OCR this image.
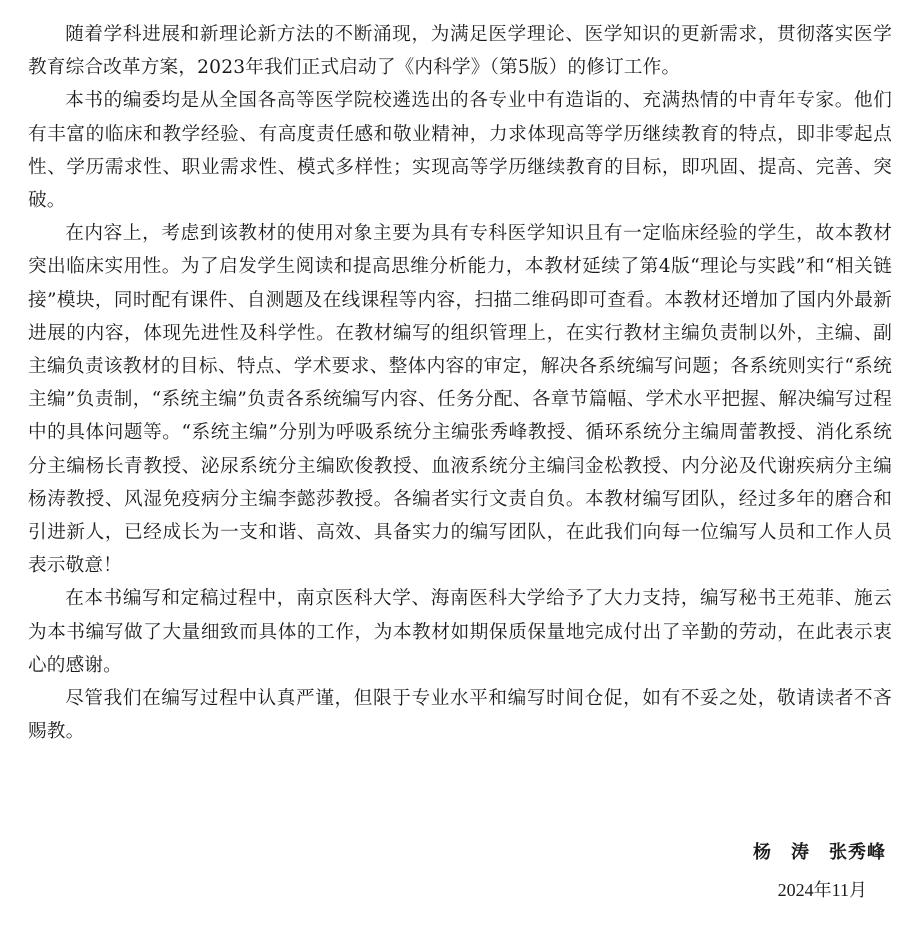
随着学科进展和新理论新方法的不断涌现，为满足医学理论、医学知识的更新需求，贯彻落实医学教育综合改革方案，2023年我们正式启动了《内科学》（第5版）的修订工作。

本书的编委均是从全国各高等医学院校遴选出的各专业中有造诣的、充满热情的中青年专家。他们有丰富的临床和教学经验、有高度责任感和敬业精神，力求体现高等学历继续教育的特点，即非零起点性、学历需求性、职业需求性、模式多样性；实现高等学历继续教育的目标，即巩固、提高、完善、突破。

在内容上，考虑到该教材的使用对象主要为具有专科医学知识且有一定临床经验的学生，故本教材突出临床实用性。为了启发学生阅读和提高思维分析能力，本教材延续了第4版“理论与实践”和“相关链接”模块，同时配有课件、自测题及在线课程等内容，扫描二维码即可查看。本教材还增加了国内外最新进展的内容，体现先进性及科学性。在教材编写的组织管理上，在实行教材主编负责制以外，主编、副主编负责该教材的目标、特点、学术要求、整体内容的审定，解决各系统编写问题；各系统则实行“系统主编”负责制，“系统主编”负责各系统编写内容、任务分配、各章节篇幅、学术水平把握、解决编写过程中的具体问题等。“系统主编”分别为呼吸系统分主编张秀峰教授、循环系统分主编周蕾教授、消化系统分主编杨长青教授、泌尿系统分主编欧俊教授、血液系统分主编闫金松教授、内分泌及代谢疾病分主编杨涛教授、风湿免疫病分主编李懿莎教授。各编者实行文责自负。本教材编写团队，经过多年的磨合和引进新人，已经成长为一支和谐、高效、具备实力的编写团队，在此我们向每一位编写人员和工作人员表示敬意！

在本书编写和定稿过程中，南京医科大学、海南医科大学给予了大力支持，编写秘书王苑菲、施云为本书编写做了大量细致而具体的工作，为本教材如期保质保量地完成付出了辛勤的劳动，在此表示衷心的感谢。

尽管我们在编写过程中认真严谨，但限于专业水平和编写时间仓促，如有不妥之处，敬请读者不吝赐教。

杨　涛　张秀峰
2024年11月
